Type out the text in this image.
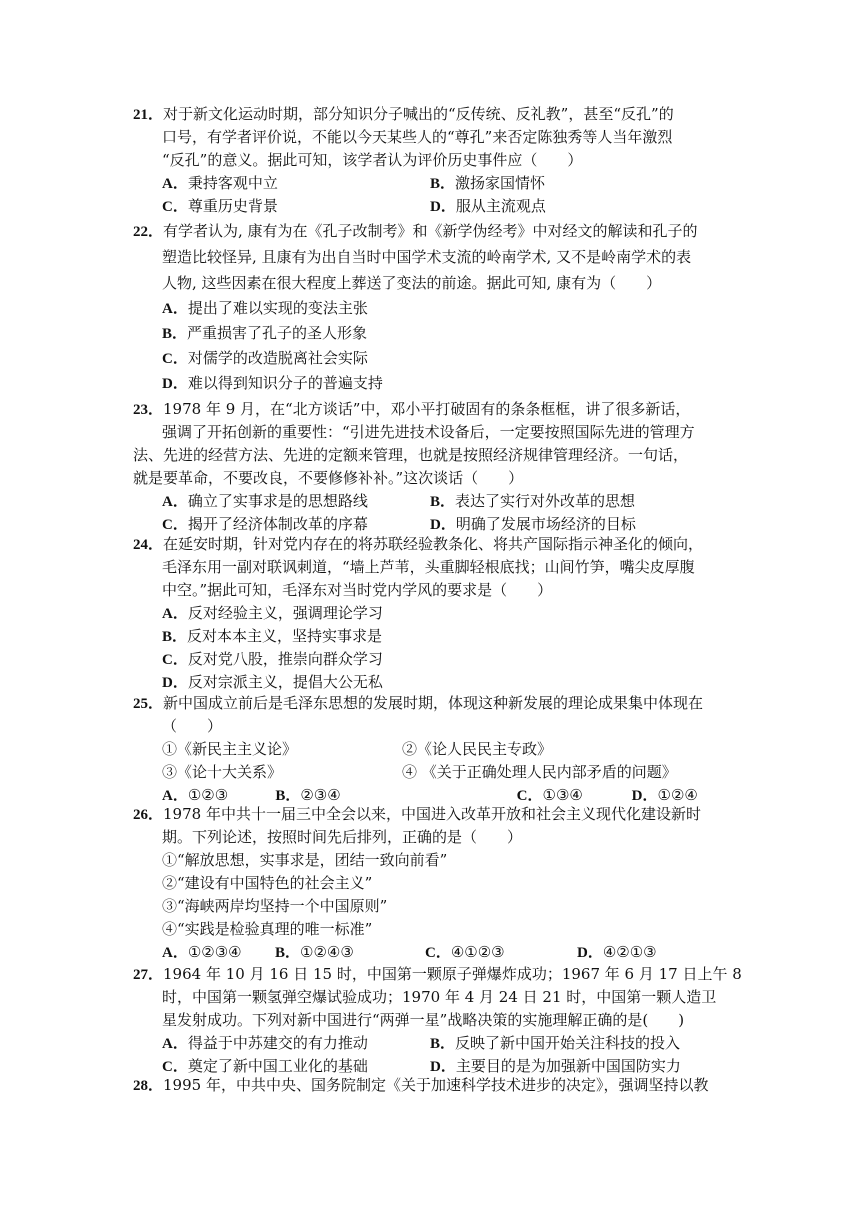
21．对于新文化运动时期，部分知识分子喊出的“反传统、反礼教”，甚至“反孔”的
口号，有学者评价说，不能以今天某些人的“尊孔”来否定陈独秀等人当年激烈
“反孔”的意义。据此可知，该学者认为评价历史事件应（　　）
A．秉持客观中立	B．激扬家国情怀
C．尊重历史背景	D．服从主流观点
22．有学者认为, 康有为在《孔子改制考》和《新学伪经考》中对经文的解读和孔子的
塑造比较怪异, 且康有为出自当时中国学术支流的岭南学术, 又不是岭南学术的表
人物, 这些因素在很大程度上葬送了变法的前途。据此可知, 康有为（　　）
A．提出了难以实现的变法主张
B．严重损害了孔子的圣人形象
C．对儒学的改造脱离社会实际
D．难以得到知识分子的普遍支持
23．1978 年 9 月，在“北方谈话”中，邓小平打破固有的条条框框，讲了很多新话，
强调了开拓创新的重要性：“引进先进技术设备后，一定要按照国际先进的管理方
法、先进的经营方法、先进的定额来管理，也就是按照经济规律管理经济。一句话，
就是要革命，不要改良，不要修修补补。”这次谈话（　　）
A．确立了实事求是的思想路线	B．表达了实行对外改革的思想
C．揭开了经济体制改革的序幕	D．明确了发展市场经济的目标
24．在延安时期，针对党内存在的将苏联经验教条化、将共产国际指示神圣化的倾向，
毛泽东用一副对联讽刺道，“墙上芦苇，头重脚轻根底找；山间竹笋，嘴尖皮厚腹
中空。”据此可知，毛泽东对当时党内学风的要求是（　　）
A．反对经验主义，强调理论学习
B．反对本本主义，坚持实事求是
C．反对党八股，推崇向群众学习
D．反对宗派主义，提倡大公无私
25．新中国成立前后是毛泽东思想的发展时期，体现这种新发展的理论成果集中体现在
（　　）
①《新民主主义论》	②《论人民民主专政》
③《论十大关系》	④ 《关于正确处理人民内部矛盾的问题》
A．①②③	B．②③④	C．①③④	D．①②④
26．1978 年中共十一届三中全会以来，中国进入改革开放和社会主义现代化建设新时
期。下列论述，按照时间先后排列，正确的是（　　）
①“解放思想，实事求是，团结一致向前看”
②“建设有中国特色的社会主义”
③“海峡两岸均坚持一个中国原则”
④“实践是检验真理的唯一标准”
A．①②③④	B．①②④③	C．④①②③	D．④②①③
27．1964 年 10 月 16 日 15 时，中国第一颗原子弹爆炸成功；1967 年 6 月 17 日上午 8
时，中国第一颗氢弹空爆试验成功；1970 年 4 月 24 日 21 时，中国第一颗人造卫
星发射成功。下列对新中国进行“两弹一星”战略决策的实施理解正确的是(　　)
A．得益于中苏建交的有力推动	B．反映了新中国开始关注科技的投入
C．奠定了新中国工业化的基础	D．主要目的是为加强新中国国防实力
28．1995 年，中共中央、国务院制定《关于加速科学技术进步的决定》，强调坚持以教
